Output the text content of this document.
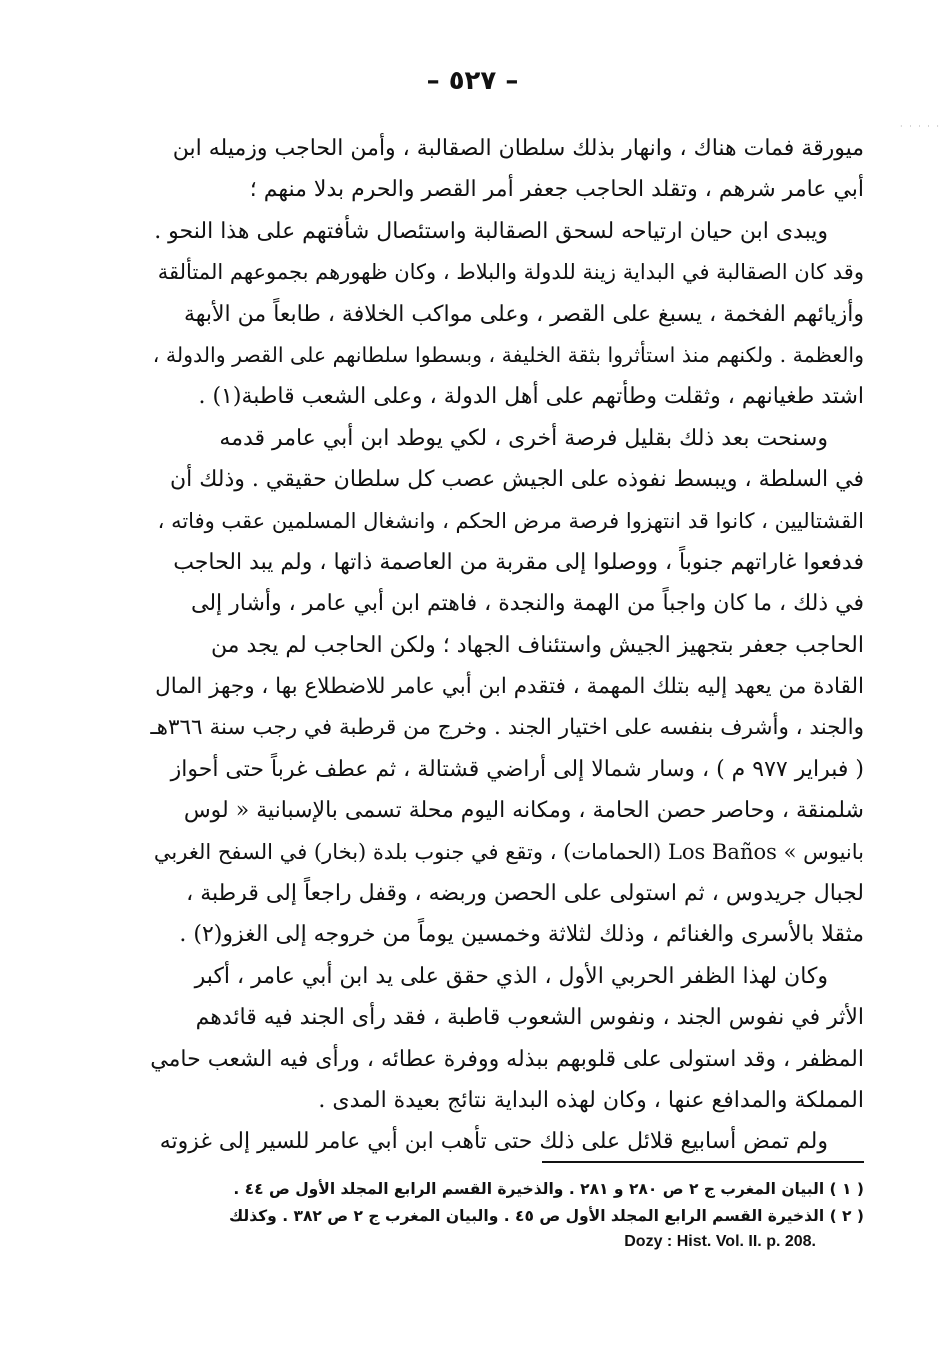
– ٥٢٧ –
· · · · ·
ميورقة فمات هناك ، وانهار بذلك سلطان الصقالبة ، وأمن الحاجب وزميله ابن
أبي عامر شرهم ، وتقلد الحاجب جعفر أمر القصر والحرم بدلا منهم ؛
ويبدى ابن حيان ارتياحه لسحق الصقالبة واستئصال شأفتهم على هذا النحو .
وقد كان الصقالبة في البداية زينة للدولة والبلاط ، وكان ظهورهم بجموعهم المتألقة
وأزيائهم الفخمة ، يسبغ على القصر ، وعلى مواكب الخلافة ، طابعاً من الأبهة
والعظمة . ولكنهم منذ استأثروا بثقة الخليفة ، وبسطوا سلطانهم على القصر والدولة ،
اشتد طغيانهم ، وثقلت وطأتهم على أهل الدولة ، وعلى الشعب قاطبة(١) .
وسنحت بعد ذلك بقليل فرصة أخرى ، لكي يوطد ابن أبي عامر قدمه
في السلطة ، ويبسط نفوذه على الجيش عصب كل سلطان حقيقي . وذلك أن
القشتاليين ، كانوا قد انتهزوا فرصة مرض الحكم ، وانشغال المسلمين عقب وفاته ،
فدفعوا غاراتهم جنوباً ، ووصلوا إلى مقربة من العاصمة ذاتها ، ولم يبد الحاجب
في ذلك ، ما كان واجباً من الهمة والنجدة ، فاهتم ابن أبي عامر ، وأشار إلى
الحاجب جعفر بتجهيز الجيش واستئناف الجهاد ؛ ولكن الحاجب لم يجد من
القادة من يعهد إليه بتلك المهمة ، فتقدم ابن أبي عامر للاضطلاع بها ، وجهز المال
والجند ، وأشرف بنفسه على اختيار الجند . وخرج من قرطبة في رجب سنة ٣٦٦هـ
( فبراير ٩٧٧ م ) ، وسار شمالا إلى أراضي قشتالة ، ثم عطف غرباً حتى أحواز
شلمنقة ، وحاصر حصن الحامة ، ومكانه اليوم محلة تسمى بالإسبانية « لوس
بانيوس » Los Baños (الحمامات) ، وتقع في جنوب بلدة (بخار) في السفح الغربي
لجبال جريدوس ، ثم استولى على الحصن وربضه ، وقفل راجعاً إلى قرطبة ،
مثقلا بالأسرى والغنائم ، وذلك لثلاثة وخمسين يوماً من خروجه إلى الغزو(٢) .
وكان لهذا الظفر الحربي الأول ، الذي حقق على يد ابن أبي عامر ، أكبر
الأثر في نفوس الجند ، ونفوس الشعوب قاطبة ، فقد رأى الجند فيه قائدهم
المظفر ، وقد استولى على قلوبهم ببذله ووفرة عطائه ، ورأى فيه الشعب حامي
المملكة والمدافع عنها ، وكان لهذه البداية نتائج بعيدة المدى .
ولم تمض أسابيع قلائل على ذلك حتى تأهب ابن أبي عامر للسير إلى غزوته
( ١ ) البيان المغرب ج ٢ ص ٢٨٠ و ٢٨١ . والذخيرة القسم الرابع المجلد الأول ص ٤٤ .
( ٢ ) الذخيرة القسم الرابع المجلد الأول ص ٤٥ . والبيان المغرب ج ٢ ص ٣٨٢ . وكذلك
Dozy : Hist. Vol. II. p. 208.
